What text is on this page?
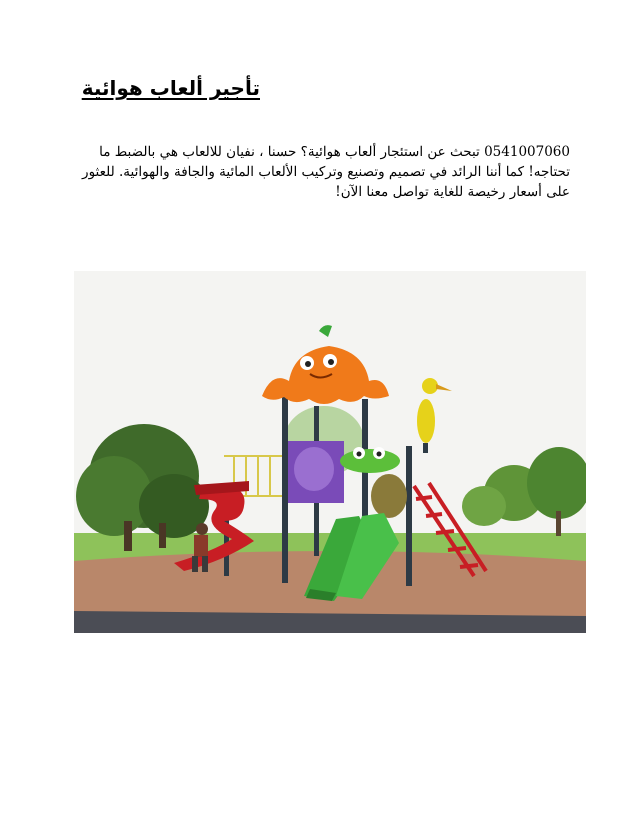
تأجير ألعاب هوائية
0541007060 تبحث عن استئجار ألعاب هوائية؟ حسنا ، نفيان للالعاب هي بالضبط ما
تحتاجه! كما أننا الرائد في تصميم وتصنيع وتركيب الألعاب المائية والجافة والهوائية. للعثور
على أسعار رخيصة للغاية تواصل معنا الآن!
